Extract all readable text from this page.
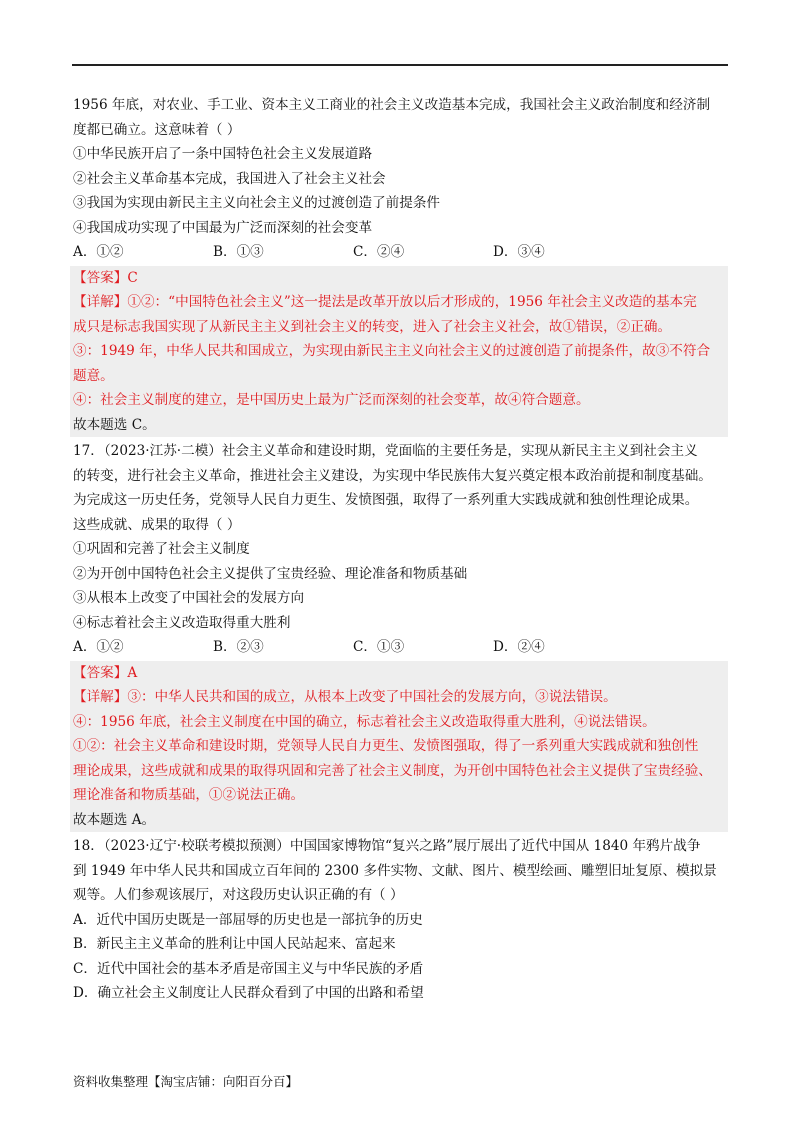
1956 年底，对农业、手工业、资本主义工商业的社会主义改造基本完成，我国社会主义政治制度和经济制
度都已确立。这意味着（ ）
①中华民族开启了一条中国特色社会主义发展道路
②社会主义革命基本完成，我国进入了社会主义社会
③我国为实现由新民主主义向社会主义的过渡创造了前提条件
④我国成功实现了中国最为广泛而深刻的社会变革
A．①②	B．①③	C．②④	D．③④
【答案】C
【详解】①②：“中国特色社会主义”这一提法是改革开放以后才形成的，1956 年社会主义改造的基本完
成只是标志我国实现了从新民主主义到社会主义的转变，进入了社会主义社会，故①错误，②正确。
③：1949 年，中华人民共和国成立，为实现由新民主主义向社会主义的过渡创造了前提条件，故③不符合
题意。
④：社会主义制度的建立，是中国历史上最为广泛而深刻的社会变革，故④符合题意。
故本题选 C。
17．（2023·江苏·二模）社会主义革命和建设时期，党面临的主要任务是，实现从新民主主义到社会主义
的转变，进行社会主义革命，推进社会主义建设，为实现中华民族伟大复兴奠定根本政治前提和制度基础。
为完成这一历史任务，党领导人民自力更生、发愤图强，取得了一系列重大实践成就和独创性理论成果。
这些成就、成果的取得（ ）
①巩固和完善了社会主义制度
②为开创中国特色社会主义提供了宝贵经验、理论准备和物质基础
③从根本上改变了中国社会的发展方向
④标志着社会主义改造取得重大胜利
A．①②	B．②③	C．①③	D．②④
【答案】A
【详解】③：中华人民共和国的成立，从根本上改变了中国社会的发展方向，③说法错误。
④：1956 年底，社会主义制度在中国的确立，标志着社会主义改造取得重大胜利，④说法错误。
①②：社会主义革命和建设时期，党领导人民自力更生、发愤图强取，得了一系列重大实践成就和独创性
理论成果，这些成就和成果的取得巩固和完善了社会主义制度，为开创中国特色社会主义提供了宝贵经验、
理论准备和物质基础，①②说法正确。
故本题选 A。
18．（2023·辽宁·校联考模拟预测）中国国家博物馆“复兴之路”展厅展出了近代中国从 1840 年鸦片战争
到 1949 年中华人民共和国成立百年间的 2300 多件实物、文献、图片、模型绘画、雕塑旧址复原、模拟景
观等。人们参观该展厅，对这段历史认识正确的有（ ）
A．近代中国历史既是一部屈辱的历史也是一部抗争的历史
B．新民主主义革命的胜利让中国人民站起来、富起来
C．近代中国社会的基本矛盾是帝国主义与中华民族的矛盾
D．确立社会主义制度让人民群众看到了中国的出路和希望
资料收集整理【淘宝店铺：向阳百分百】
